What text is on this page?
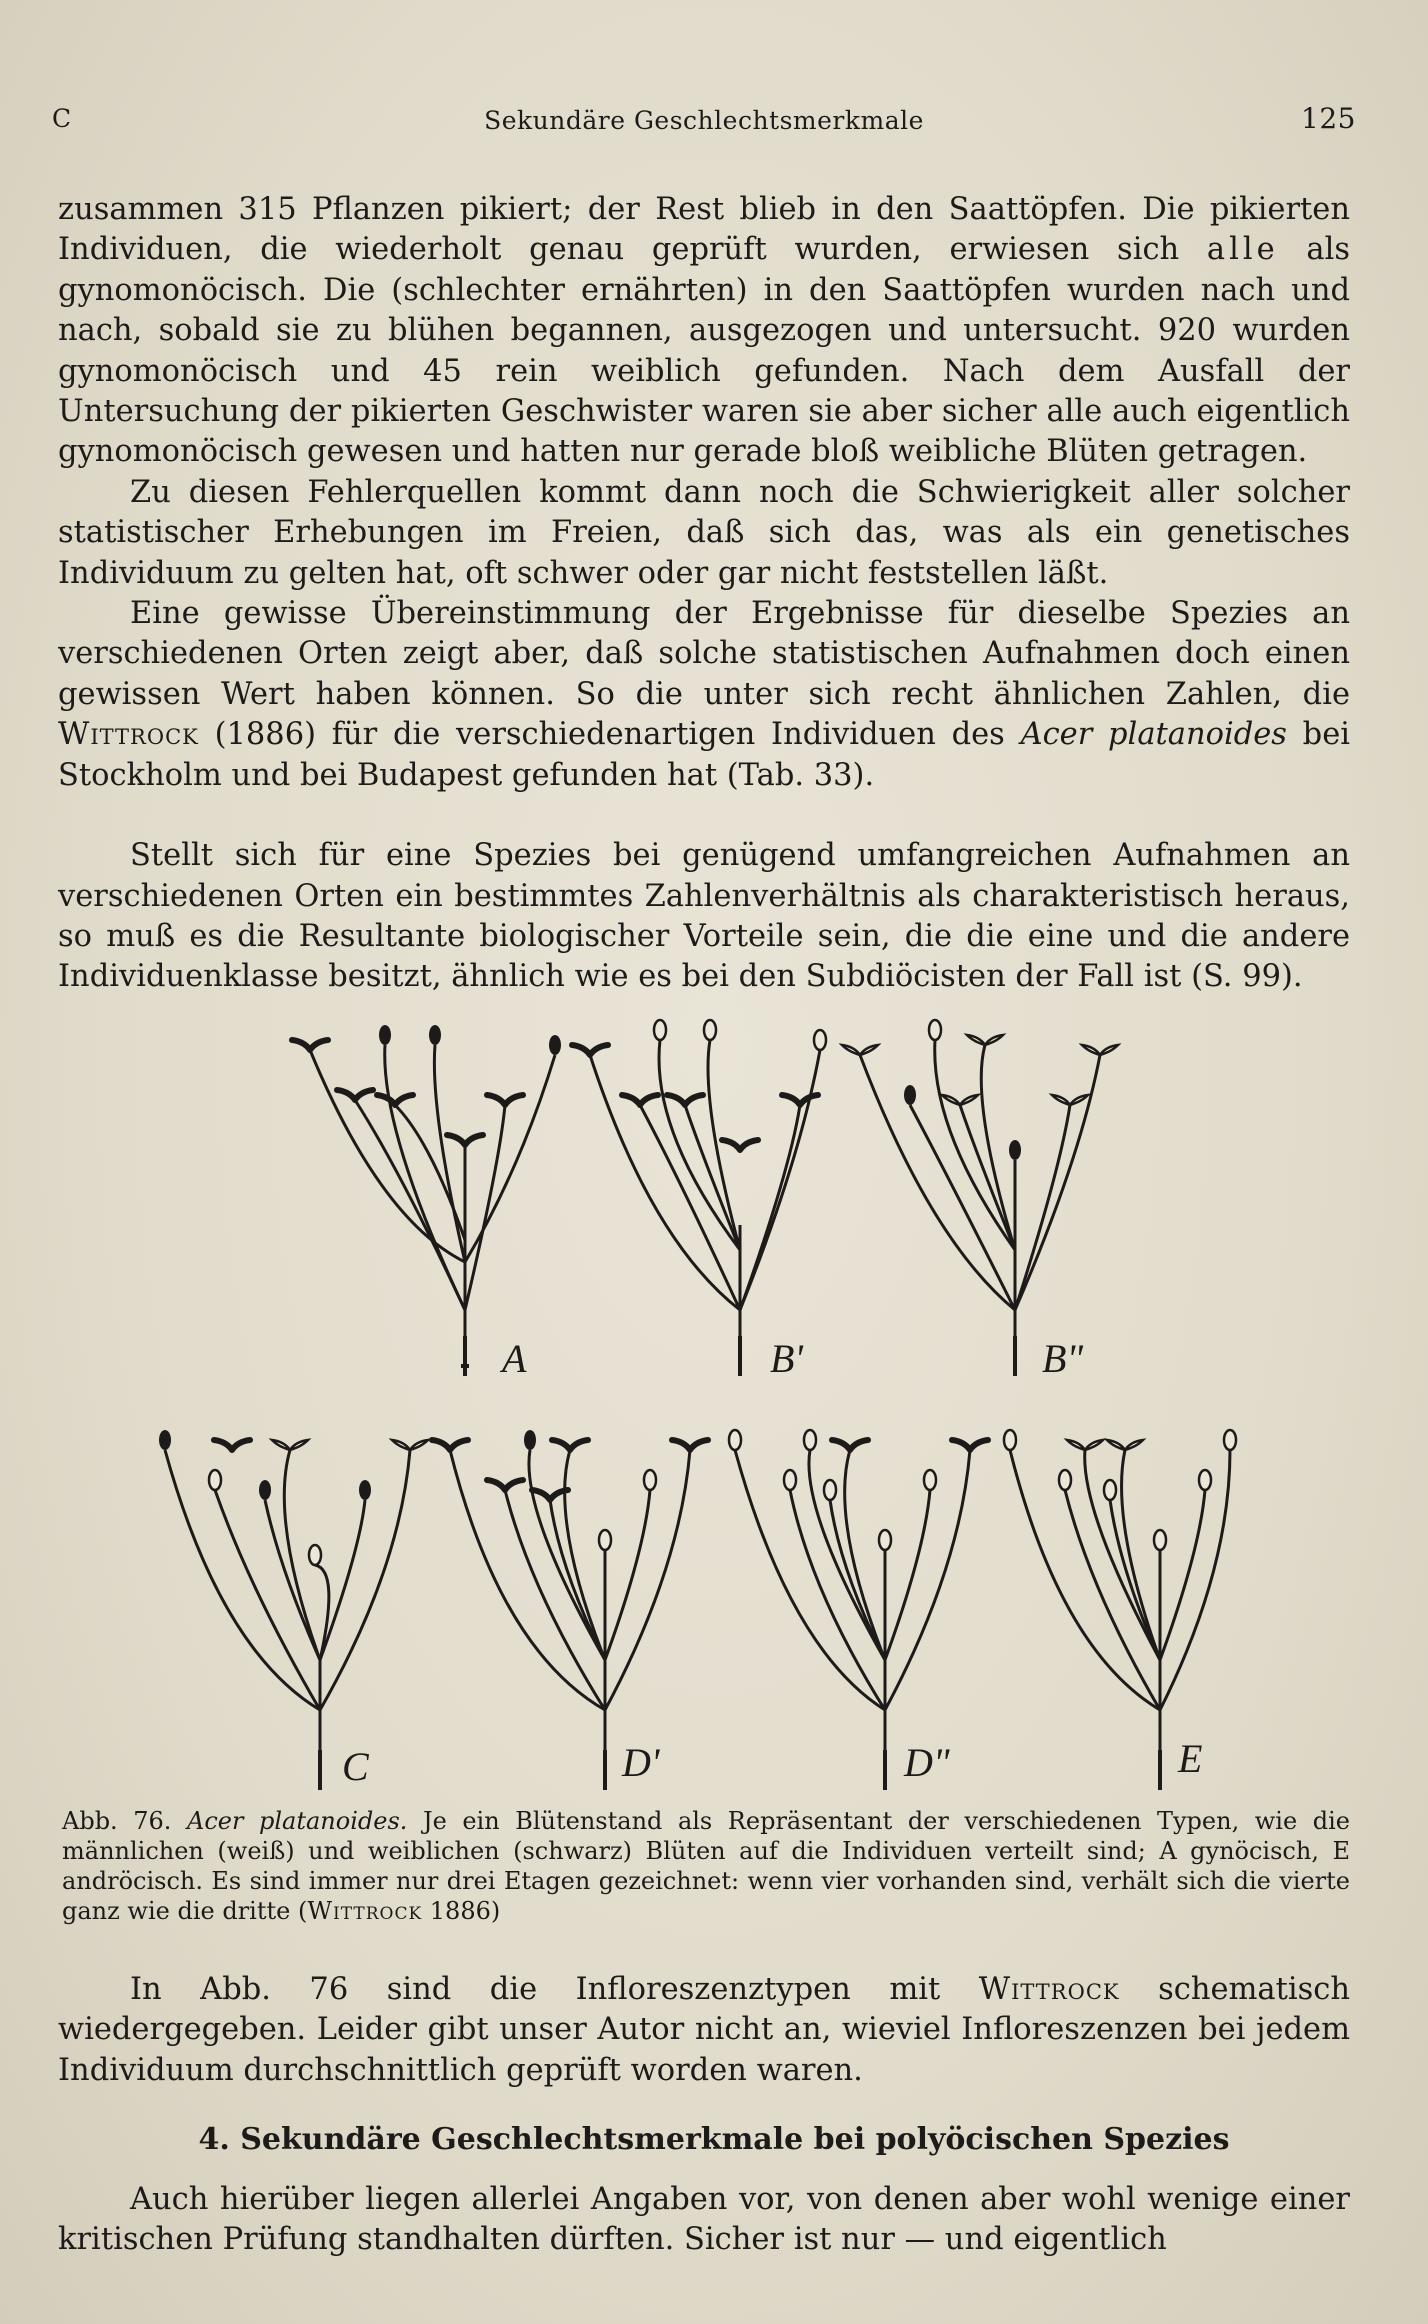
C	Sekundäre Geschlechtsmerkmale	125

zusammen 315 Pflanzen pikiert; der Rest blieb in den Saattöpfen. Die pikierten Individuen, die wiederholt genau geprüft wurden, erwiesen sich alle als gynomonöcisch. Die (schlechter ernährten) in den Saattöpfen wurden nach und nach, sobald sie zu blühen begannen, ausgezogen und untersucht. 920 wurden gynomonöcisch und 45 rein weiblich gefunden. Nach dem Ausfall der Untersuchung der pikierten Geschwister waren sie aber sicher alle auch eigentlich gynomonöcisch gewesen und hatten nur gerade bloß weibliche Blüten getragen.

Zu diesen Fehlerquellen kommt dann noch die Schwierigkeit aller solcher statistischer Erhebungen im Freien, daß sich das, was als ein genetisches Individuum zu gelten hat, oft schwer oder gar nicht feststellen läßt.

Eine gewisse Übereinstimmung der Ergebnisse für dieselbe Spezies an verschiedenen Orten zeigt aber, daß solche statistischen Aufnahmen doch einen gewissen Wert haben können. So die unter sich recht ähnlichen Zahlen, die Wittrock (1886) für die verschiedenartigen Individuen des Acer platanoides bei Stockholm und bei Budapest gefunden hat (Tab. 33).

Stellt sich für eine Spezies bei genügend umfangreichen Aufnahmen an verschiedenen Orten ein bestimmtes Zahlenverhältnis als charakteristisch heraus, so muß es die Resultante biologischer Vorteile sein, die die eine und die andere Individuenklasse besitzt, ähnlich wie es bei den Subdiöcisten der Fall ist (S. 99).

A	B'	B"
C	D'	D"	E
Abb. 76. Acer platanoides. Je ein Blütenstand als Repräsentant der verschiedenen Typen, wie die männlichen (weiß) und weiblichen (schwarz) Blüten auf die Individuen verteilt sind; A gynöcisch, E andröcisch. Es sind immer nur drei Etagen gezeichnet: wenn vier vorhanden sind, verhält sich die vierte ganz wie die dritte (Wittrock 1886)

In Abb. 76 sind die Infloreszenztypen mit Wittrock schematisch wiedergegeben. Leider gibt unser Autor nicht an, wieviel Infloreszenzen bei jedem Individuum durchschnittlich geprüft worden waren.

4. Sekundäre Geschlechtsmerkmale bei polyöcischen Spezies

Auch hierüber liegen allerlei Angaben vor, von denen aber wohl wenige einer kritischen Prüfung standhalten dürften. Sicher ist nur — und eigentlich
